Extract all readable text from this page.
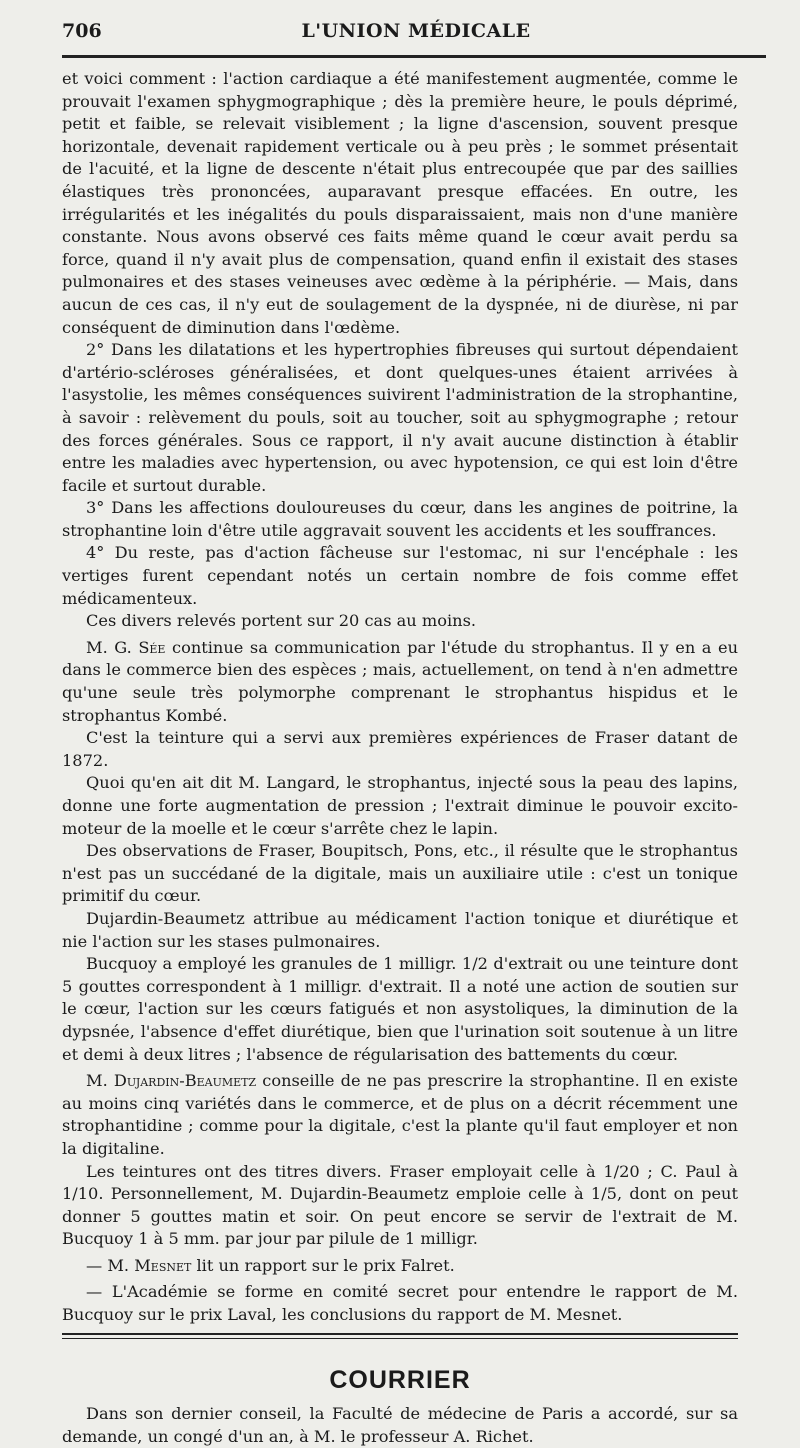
706	L'UNION MÉDICALE

et voici comment : l'action cardiaque a été manifestement augmentée, comme le prouvait l'examen sphygmographique ; dès la première heure, le pouls déprimé, petit et faible, se relevait visiblement ; la ligne d'ascension, souvent presque horizontale, devenait rapidement verticale ou à peu près ; le sommet présentait de l'acuité, et la ligne de descente n'était plus entrecoupée que par des saillies élastiques très prononcées, auparavant presque effacées. En outre, les irrégularités et les inégalités du pouls disparaissaient, mais non d'une manière constante. Nous avons observé ces faits même quand le cœur avait perdu sa force, quand il n'y avait plus de compensation, quand enfin il existait des stases pulmonaires et des stases veineuses avec œdème à la périphérie. — Mais, dans aucun de ces cas, il n'y eut de soulagement de la dyspnée, ni de diurèse, ni par conséquent de diminution dans l'œdème.

2° Dans les dilatations et les hypertrophies fibreuses qui surtout dépendaient d'artério-scléroses généralisées, et dont quelques-unes étaient arrivées à l'asystolie, les mêmes conséquences suivirent l'administration de la strophantine, à savoir : relèvement du pouls, soit au toucher, soit au sphygmographe ; retour des forces générales. Sous ce rapport, il n'y avait aucune distinction à établir entre les maladies avec hypertension, ou avec hypotension, ce qui est loin d'être facile et surtout durable.

3° Dans les affections douloureuses du cœur, dans les angines de poitrine, la strophantine loin d'être utile aggravait souvent les accidents et les souffrances.

4° Du reste, pas d'action fâcheuse sur l'estomac, ni sur l'encéphale : les vertiges furent cependant notés un certain nombre de fois comme effet médicamenteux.

Ces divers relevés portent sur 20 cas au moins.

M. G. Sée continue sa communication par l'étude du strophantus. Il y en a eu dans le commerce bien des espèces ; mais, actuellement, on tend à n'en admettre qu'une seule très polymorphe comprenant le strophantus hispidus et le strophantus Kombé.

C'est la teinture qui a servi aux premières expériences de Fraser datant de 1872.

Quoi qu'en ait dit M. Langard, le strophantus, injecté sous la peau des lapins, donne une forte augmentation de pression ; l'extrait diminue le pouvoir excito-moteur de la moelle et le cœur s'arrête chez le lapin.

Des observations de Fraser, Boupitsch, Pons, etc., il résulte que le strophantus n'est pas un succédané de la digitale, mais un auxiliaire utile : c'est un tonique primitif du cœur.

Dujardin-Beaumetz attribue au médicament l'action tonique et diurétique et nie l'action sur les stases pulmonaires.

Bucquoy a employé les granules de 1 milligr. 1/2 d'extrait ou une teinture dont 5 gouttes correspondent à 1 milligr. d'extrait. Il a noté une action de soutien sur le cœur, l'action sur les cœurs fatigués et non asystoliques, la diminution de la dypsnée, l'absence d'effet diurétique, bien que l'urination soit soutenue à un litre et demi à deux litres ; l'absence de régularisation des battements du cœur.

M. Dujardin-Beaumetz conseille de ne pas prescrire la strophantine. Il en existe au moins cinq variétés dans le commerce, et de plus on a décrit récemment une strophantidine ; comme pour la digitale, c'est la plante qu'il faut employer et non la digitaline.

Les teintures ont des titres divers. Fraser employait celle à 1/20 ; C. Paul à 1/10. Personnellement, M. Dujardin-Beaumetz emploie celle à 1/5, dont on peut donner 5 gouttes matin et soir. On peut encore se servir de l'extrait de M. Bucquoy 1 à 5 mm. par jour par pilule de 1 milligr.

— M. Mesnet lit un rapport sur le prix Falret.

— L'Académie se forme en comité secret pour entendre le rapport de M. Bucquoy sur le prix Laval, les conclusions du rapport de M. Mesnet.

COURRIER

Dans son dernier conseil, la Faculté de médecine de Paris a accordé, sur sa demande, un congé d'un an, à M. le professeur A. Richet.
